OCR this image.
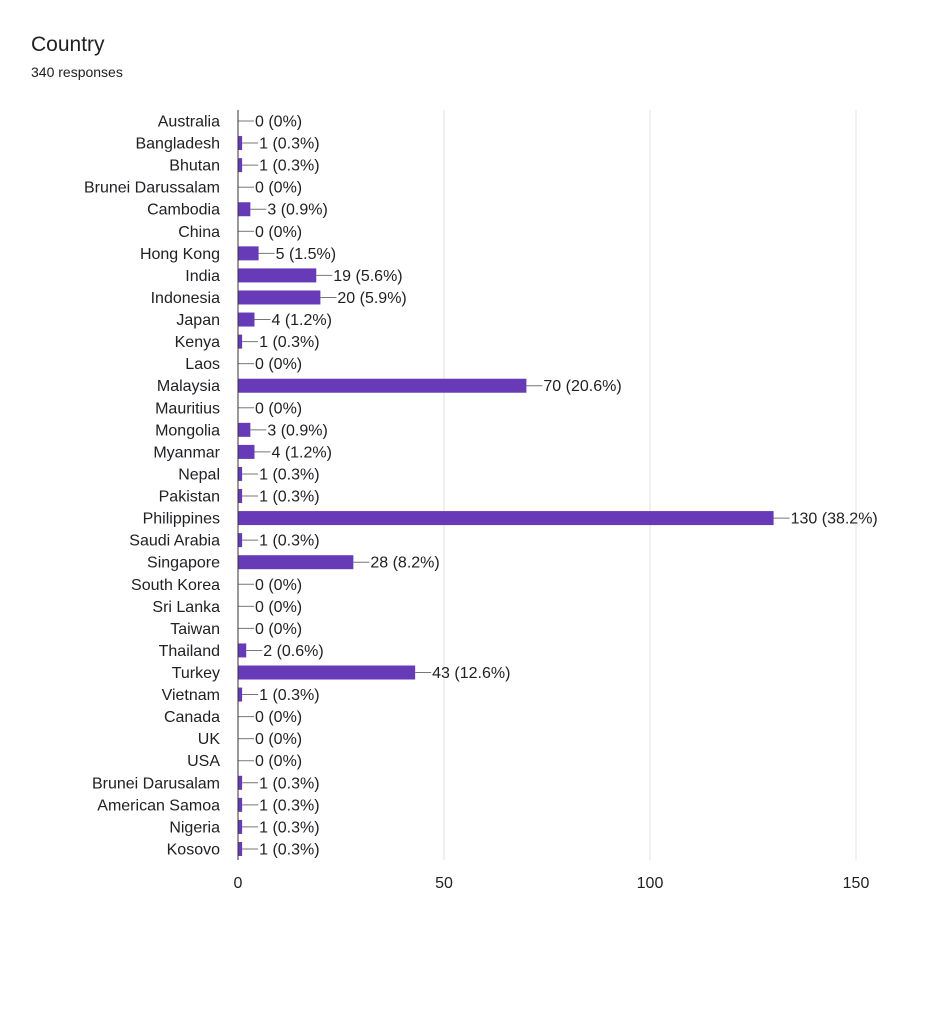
Country
340 responses
0	50	100	150
Australia 0 (0%)
Bangladesh 1 (0.3%)
Bhutan 1 (0.3%)
Brunei Darussalam 0 (0%)
Cambodia	3 (0.9%)
China 0 (0%)
Hong Kong	5 (1.5%)
India	19 (5.6%)
Indonesia	20 (5.9%)
Japan	4 (1.2%)
Kenya 1 (0.3%)
Laos 0 (0%)
Malaysia	70 (20.6%)
Mauritius 0 (0%)
Mongolia	3 (0.9%)
Myanmar	4 (1.2%)
Nepal 1 (0.3%)
Pakistan 1 (0.3%)
Philippines	130 (38.2%)
Saudi Arabia 1 (0.3%)
Singapore	28 (8.2%)
South Korea 0 (0%)
Sri Lanka 0 (0%)
Taiwan 0 (0%)
Thailand	2 (0.6%)
Turkey	43 (12.6%)
Vietnam 1 (0.3%)
Canada 0 (0%)
UK 0 (0%)
USA 0 (0%)
Brunei Darusalam 1 (0.3%)
American Samoa 1 (0.3%)
Nigeria 1 (0.3%)
Kosovo 1 (0.3%)
